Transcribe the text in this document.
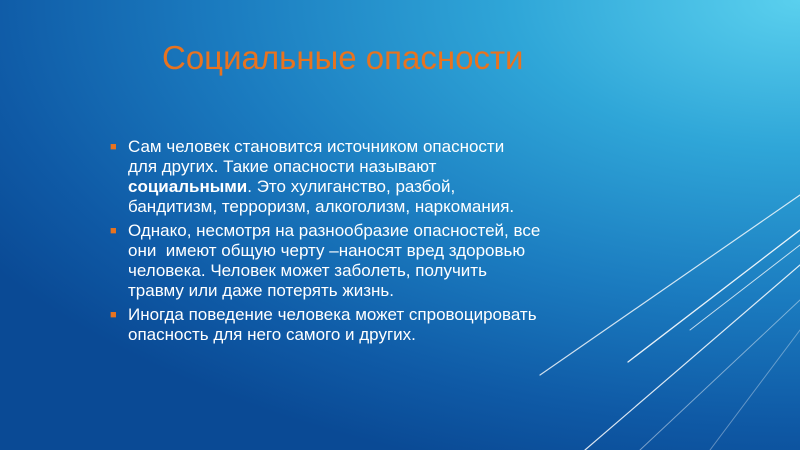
Социальные опасности
■ Сам человек становится источником опасности
для других. Такие опасности называют
социальными. Это хулиганство, разбой,
бандитизм, терроризм, алкоголизм, наркомания.
■ Однако, несмотря на разнообразие опасностей, все
они  имеют общую черту –наносят вред здоровью
человека. Человек может заболеть, получить
травму или даже потерять жизнь.
■ Иногда поведение человека может спровоцировать
опасность для него самого и других.
